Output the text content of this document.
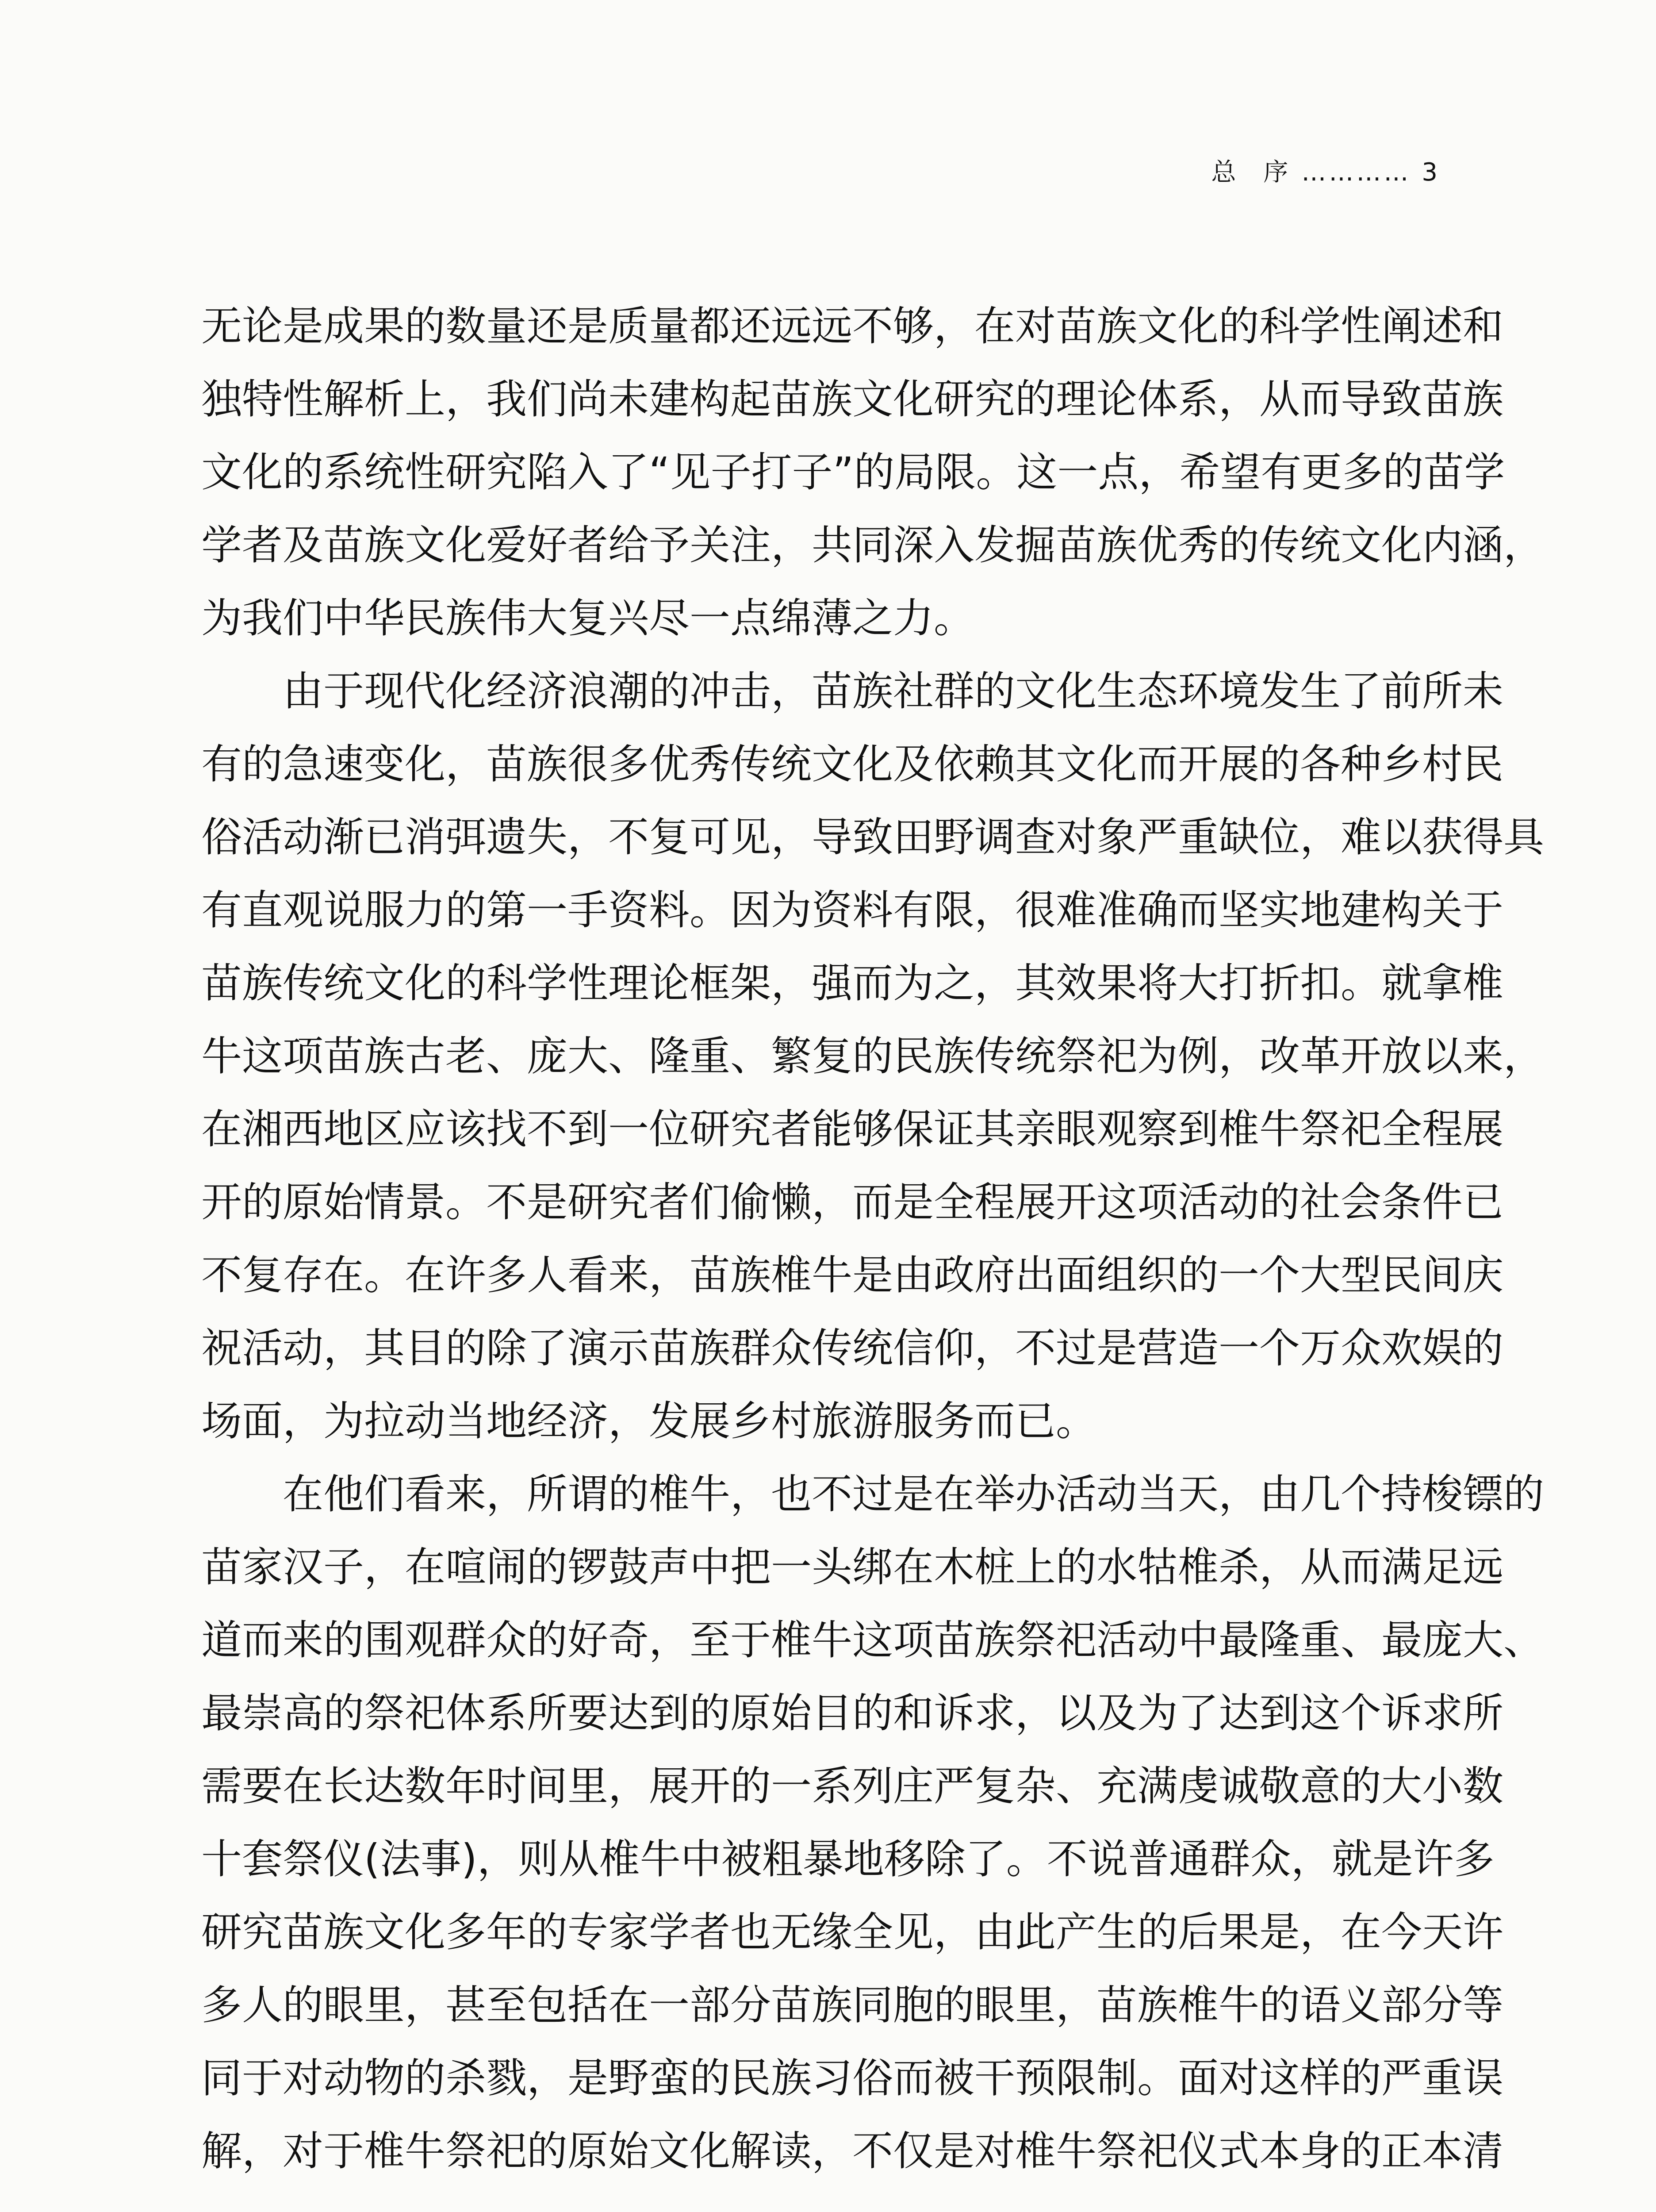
总 序 ………… 3
无论是成果的数量还是质量都还远远不够，在对苗族文化的科学性阐述和
独特性解析上，我们尚未建构起苗族文化研究的理论体系，从而导致苗族
文化的系统性研究陷入了“见子打子”的局限。这一点，希望有更多的苗学
学者及苗族文化爱好者给予关注，共同深入发掘苗族优秀的传统文化内涵，
为我们中华民族伟大复兴尽一点绵薄之力。
由于现代化经济浪潮的冲击，苗族社群的文化生态环境发生了前所未
有的急速变化，苗族很多优秀传统文化及依赖其文化而开展的各种乡村民
俗活动渐已消弭遗失，不复可见，导致田野调查对象严重缺位，难以获得具
有直观说服力的第一手资料。因为资料有限，很难准确而坚实地建构关于
苗族传统文化的科学性理论框架，强而为之，其效果将大打折扣。就拿椎
牛这项苗族古老、庞大、隆重、繁复的民族传统祭祀为例，改革开放以来，
在湘西地区应该找不到一位研究者能够保证其亲眼观察到椎牛祭祀全程展
开的原始情景。不是研究者们偷懒，而是全程展开这项活动的社会条件已
不复存在。在许多人看来，苗族椎牛是由政府出面组织的一个大型民间庆
祝活动，其目的除了演示苗族群众传统信仰，不过是营造一个万众欢娱的
场面，为拉动当地经济，发展乡村旅游服务而已。
在他们看来，所谓的椎牛，也不过是在举办活动当天，由几个持梭镖的
苗家汉子，在喧闹的锣鼓声中把一头绑在木桩上的水牯椎杀，从而满足远
道而来的围观群众的好奇，至于椎牛这项苗族祭祀活动中最隆重、最庞大、
最崇高的祭祀体系所要达到的原始目的和诉求，以及为了达到这个诉求所
需要在长达数年时间里，展开的一系列庄严复杂、充满虔诚敬意的大小数
十套祭仪(法事)，则从椎牛中被粗暴地移除了。不说普通群众，就是许多
研究苗族文化多年的专家学者也无缘全见，由此产生的后果是，在今天许
多人的眼里，甚至包括在一部分苗族同胞的眼里，苗族椎牛的语义部分等
同于对动物的杀戮，是野蛮的民族习俗而被干预限制。面对这样的严重误
解，对于椎牛祭祀的原始文化解读，不仅是对椎牛祭祀仪式本身的正本清
